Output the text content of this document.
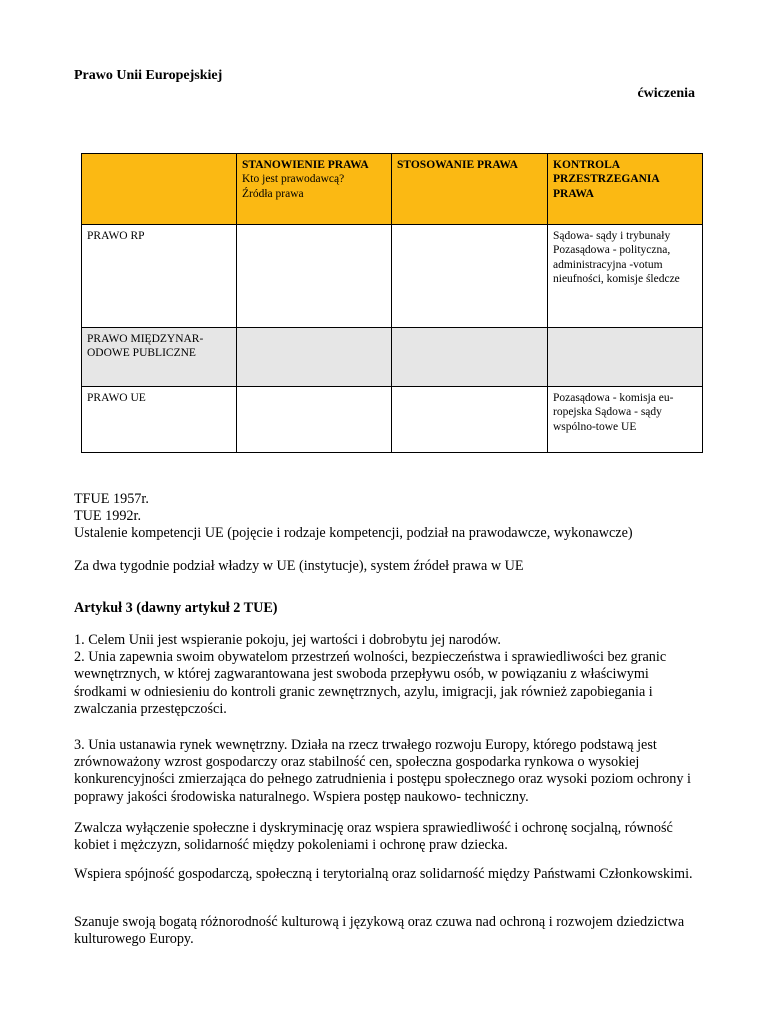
Prawo Unii Europejskiej
ćwiczenia
	STANOWIENIE PRAWA
Kto jest prawodawcą?
Źródła prawa	STOSOWANIE PRAWA	KONTROLA PRZESTRZEGANIA PRAWA
PRAWO RP			Sądowa- sądy i trybunały Pozasądowa - polityczna, administracyjna -votum nieufności, komisje śledcze
PRAWO MIĘDZYNAR-ODOWE PUBLICZNE			
PRAWO UE			Pozasądowa - komisja eu-ropejska Sądowa - sądy wspólno-towe UE

TFUE 1957r.

TUE 1992r.

Ustalenie kompetencji UE (pojęcie i rodzaje kompetencji, podział na prawodawcze, wykonawcze)

Za dwa tygodnie podział władzy w UE (instytucje), system źródeł prawa w UE
Artykuł 3 (dawny artykuł 2 TUE)

1. Celem Unii jest wspieranie pokoju, jej wartości i dobrobytu jej narodów.

2. Unia zapewnia swoim obywatelom przestrzeń wolności, bezpieczeństwa i sprawiedliwości bez granic wewnętrznych, w której zagwarantowana jest swoboda przepływu osób, w powiązaniu z właściwymi środkami w odniesieniu do kontroli granic zewnętrznych, azylu, imigracji, jak również zapobiegania i zwalczania przestępczości.

3. Unia ustanawia rynek wewnętrzny. Działa na rzecz trwałego rozwoju Europy, którego podstawą jest zrównoważony wzrost gospodarczy oraz stabilność cen, społeczna gospodarka rynkowa o wysokiej konkurencyjności zmierzająca do pełnego zatrudnienia i postępu społecznego oraz wysoki poziom ochrony i poprawy jakości środowiska naturalnego. Wspiera postęp naukowo- techniczny.
Zwalcza wyłączenie społeczne i dyskryminację oraz wspiera sprawiedliwość i ochronę socjalną, równość kobiet i mężczyzn, solidarność między pokoleniami i ochronę praw dziecka.
Wspiera spójność gospodarczą, społeczną i terytorialną oraz solidarność między Państwami Członkowskimi.
Szanuje swoją bogatą różnorodność kulturową i językową oraz czuwa nad ochroną i rozwojem dziedzictwa kulturowego Europy.
